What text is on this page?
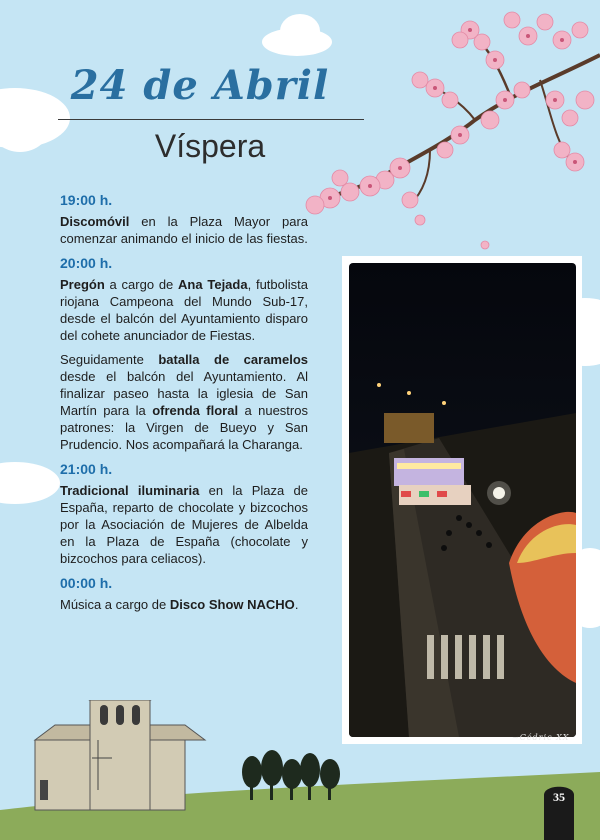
24 de Abril
Víspera
19:00 h.

Discomóvil en la Plaza Mayor para comenzar animando el inicio de las fiestas.

20:00 h.

Pregón a cargo de Ana Tejada, futbolista riojana Campeona del Mundo Sub-17, desde el balcón del Ayuntamiento disparo del cohete anunciador de Fiestas.

Seguidamente batalla de caramelos desde el balcón del Ayuntamiento. Al finalizar paseo hasta la iglesia de San Martín para la ofrenda floral a nuestros patrones: la Virgen de Bueyo y San Prudencio. Nos acompañará la Charanga.

21:00 h.

Tradicional iluminaria en la Plaza de España, reparto de chocolate y bizcochos por la Asociación de Mujeres de Albelda en la Plaza de España (chocolate y bizcochos para celiacos).

00:00 h.

Música a cargo de Disco Show NACHO.

~Cédric XX
35
